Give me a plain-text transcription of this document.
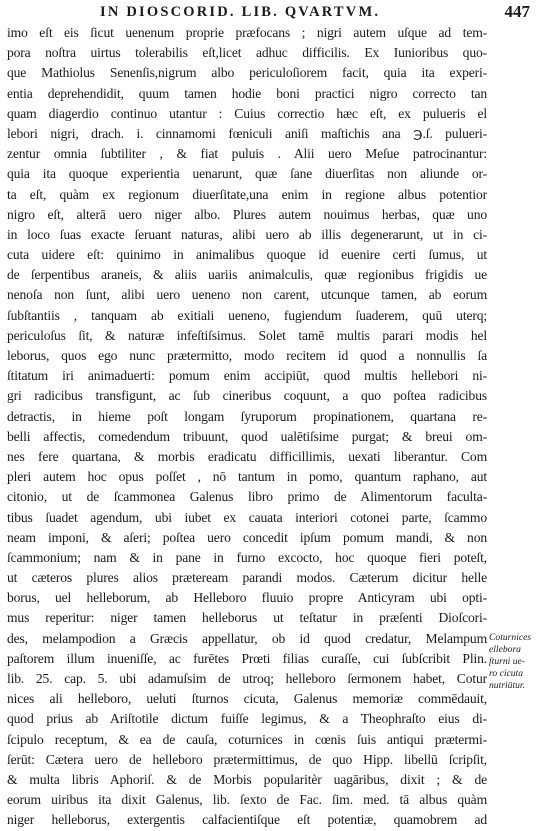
IN DIOSCORID. LIB. QVARTVM.	447
imo eſt eis ſicut uenenum proprie præfocans ; nigri autem uſque ad tem-
pora noſtra uirtus tolerabilis eſt,licet adhuc difficilis. Ex Iunioribus quo-
que Mathiolus Senenſis,nigrum albo periculoſiorem facit, quia ita experi-
entia deprehendidit, quum tamen hodie boni practici nigro correcto tan
quam diagerdio continuo utantur : Cuius correctio hæc eſt, ex pulueris el
lebori nigri, drach. i. cinnamomi fœniculi aniſi maſtichis ana ℈.ſ. pulueri-
zentur omnia ſubtiliter , & fiat puluis . Alii uero Meſue patrocinantur:
quia ita quoque experientia uenarunt, quæ ſane diuerſitas non aliunde or-
ta eſt, quàm ex regionum diuerſitate,una enim in regione albus potentior
nigro eſt, alterā uero niger albo. Plures autem nouimus herbas, quæ uno
in loco ſuas exacte ſeruant naturas, alibi uero ab illis degenerarunt, ut in ci-
cuta uidere eſt: quinimo in animalibus quoque id euenire certi ſumus, ut
de ſerpentibus araneis, & aliis uariis animalculis, quæ regionibus frigidis ue
nenoſa non ſunt, alibi uero ueneno non carent, utcunque tamen, ab eorum
ſubſtantiis , tanquam ab exitiali ueneno, fugiendum ſuaderem, quū uterq;
periculoſus ſit, & naturæ infeſtiſsimus. Solet tamē multis parari modis hel
leborus, quos ego nunc prætermitto, modo recitem id quod a nonnullis ſa
ſtitatum iri animaduerti: pomum enim accipiūt, quod multis hellebori ni-
gri radicibus transfigunt, ac ſub cineribus coquunt, a quo poſtea radicibus
detractis, in hieme poſt longam ſyruporum propinationem, quartana re-
belli affectis, comedendum tribuunt, quod ualētiſsime purgat; & breui om-
nes fere quartana, & morbis eradicatu difficillimis, uexati liberantur. Com
pleri autem hoc opus poſſet , nō tantum in pomo, quantum raphano, aut
citonio, ut de ſcammonea Galenus libro primo de Alimentorum faculta-
tibus ſuadet agendum, ubi iubet ex cauata interiori cotonei parte, ſcammo
neam imponi, & aſeri; poſtea uero concedit ipſum pomum mandi, & non
ſcammonium; nam & in pane in furno excocto, hoc quoque fieri poteſt,
ut cæteros plures alios præteream parandi modos. Cæterum dicitur helle
borus, uel helleborum, ab Helleboro fluuio propre Anticyram ubi opti-
mus reperitur: niger tamen helleborus ut teſtatur in præſenti Dioſcori-
des, melampodion a Græcis appellatur, ob id quod credatur, Melampum
paſtorem illum inueniſſe, ac furētes Prœti filias curaſſe, cui ſubſcribit Plin.
lib. 25. cap. 5. ubi adamuſsim de utroq; helleboro ſermonem habet, Cotur
nices ali helleboro, ueluti ſturnos cicuta, Galenus memoriæ commēdauit,
quod prius ab Ariſtotile dictum fuiſſe legimus, & a Theophraſto eius di-
ſcipulo receptum, & ea de cauſa, coturnices in cœnis ſuis antiqui prætermi-
ſerūt: Cætera uero de helleboro prætermittimus, de quo Hipp. libellū ſcripſit,
& multa libris Aphoriſ. & de Morbis popularitèr uagāribus, dixit ; & de
eorum uiribus ita dixit Galenus, lib. ſexto de Fac. ſim. med. tā albus quàm
niger helleborus, extergentis calfacientiſque eſt potentiæ, quamobrem ad
Coturnices
ellebora
ſturni ue-
ro cicuta
nutriūtur.
